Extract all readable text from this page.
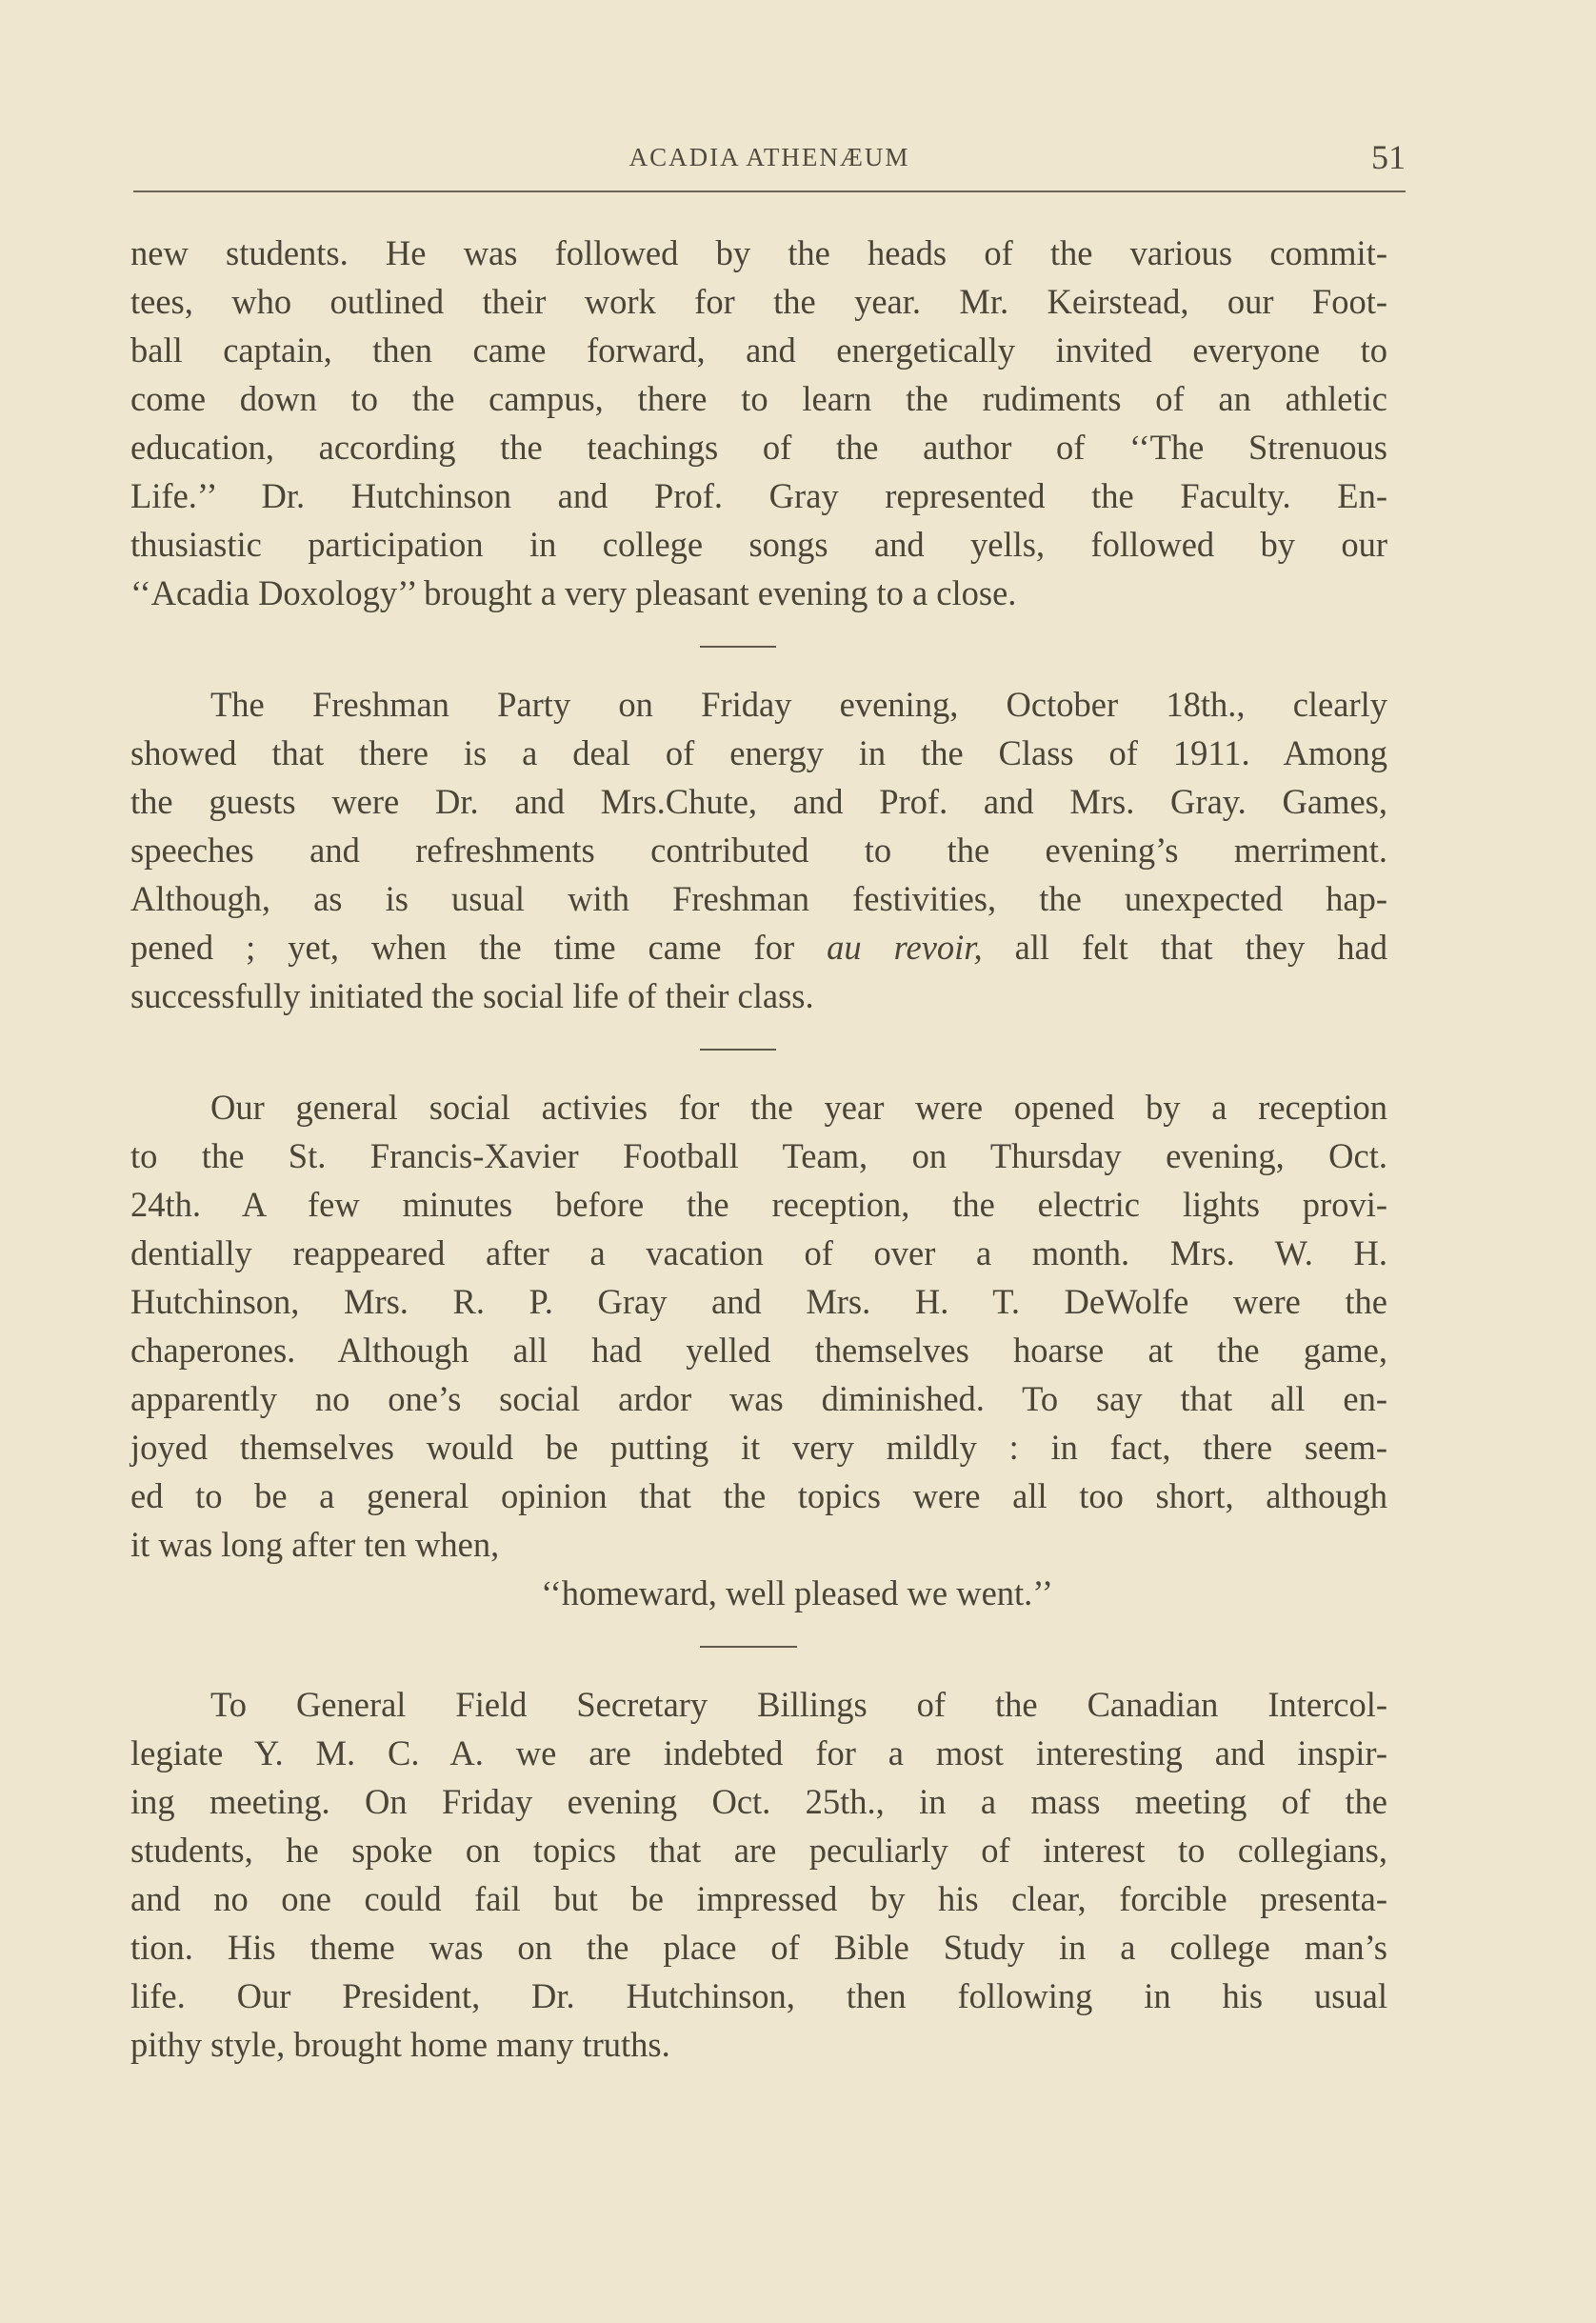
ACADIA ATHENÆUM	51
new students. He was followed by the heads of the various commit-
tees, who outlined their work for the year. Mr. Keirstead, our Foot-
ball captain, then came forward, and energetically invited everyone to
come down to the campus, there to learn the rudiments of an athletic
education, according the teachings of the author of ‘‘The Strenuous
Life.’’ Dr. Hutchinson and Prof. Gray represented the Faculty. En-
thusiastic participation in college songs and yells, followed by our
‘‘Acadia Doxology’’ brought a very pleasant evening to a close.
The Freshman Party on Friday evening, October 18th., clearly
showed that there is a deal of energy in the Class of 1911. Among
the guests were Dr. and Mrs.Chute, and Prof. and Mrs. Gray. Games,
speeches and refreshments contributed to the evening’s merriment.
Although, as is usual with Freshman festivities, the unexpected hap-
pened ; yet, when the time came for au revoir, all felt that they had
successfully initiated the social life of their class.
Our general social activies for the year were opened by a reception
to the St. Francis-Xavier Football Team, on Thursday evening, Oct.
24th. A few minutes before the reception, the electric lights provi-
dentially reappeared after a vacation of over a month. Mrs. W. H.
Hutchinson, Mrs. R. P. Gray and Mrs. H. T. DeWolfe were the
chaperones. Although all had yelled themselves hoarse at the game,
apparently no one’s social ardor was diminished. To say that all en-
joyed themselves would be putting it very mildly : in fact, there seem-
ed to be a general opinion that the topics were all too short, although
it was long after ten when,
‘‘homeward, well pleased we went.’’
To General Field Secretary Billings of the Canadian Intercol-
legiate Y. M. C. A. we are indebted for a most interesting and inspir-
ing meeting. On Friday evening Oct. 25th., in a mass meeting of the
students, he spoke on topics that are peculiarly of interest to collegians,
and no one could fail but be impressed by his clear, forcible presenta-
tion. His theme was on the place of Bible Study in a college man’s
life. Our President, Dr. Hutchinson, then following in his usual
pithy style, brought home many truths.
